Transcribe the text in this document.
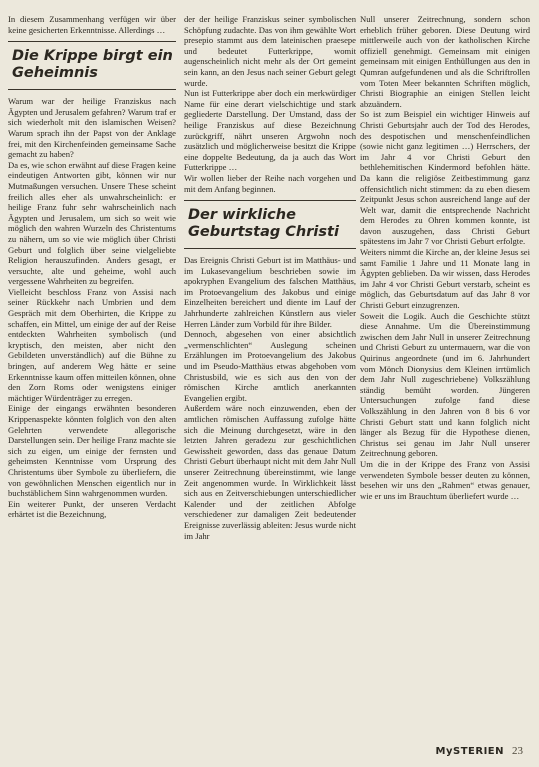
In diesem Zusammenhang verfügen wir über keine gesicherten Erkenntnisse. Allerdings …

Die Krippe birgt ein Geheimnis

Warum war der heilige Franziskus nach Ägypten und Jerusalem gefahren? Warum traf er sich wiederholt mit den islamischen Weisen? Warum sprach ihn der Papst von der Anklage frei, mit den Kirchenfeinden gemeinsame Sache gemacht zu haben?

Da es, wie schon erwähnt auf diese Fragen keine eindeutigen Antworten gibt, können wir nur Mutmaßungen versuchen. Unsere These scheint freilich alles eher als unwahrscheinlich: er heilige Franz fuhr sehr wahrscheinlich nach Ägypten und Jerusalem, um sich so weit wie möglich den wahren Wurzeln des Christentums zu nähern, um so vie wie möglich über Christi Geburt und folglich über seine vielgeliebte Religion herauszufinden. Anders gesagt, er versuchte, alte und geheime, wohl auch vergessene Wahrheiten zu begreifen.

Vielleicht beschloss Franz von Assisi nach seiner Rückkehr nach Umbrien und dem Gespräch mit dem Oberhirten, die Krippe zu schaffen, ein Mittel, um einige der auf der Reise entdeckten Wahrheiten symbolisch (und kryptisch, den meisten, aber nicht den Gebildeten unverständlich) auf die Bühne zu bringen, auf anderem Weg hätte er seine Erkenntnisse kaum offen mitteilen können, ohne den Zorn Roms oder wenigstens einiger mächtiger Würdenträger zu erregen.

Einige der eingangs erwähnten besonderen Krippenaspekte könnten folglich von den alten Gelehrten verwendete allegorische Darstellungen sein. Der heilige Franz machte sie sich zu eigen, um einige der fernsten und geheimsten Kenntnisse vom Ursprung des Christentums über Symbole zu überliefern, die von gewöhnlichen Menschen eigentlich nur in buchstäblichem Sinn wahrgenommen wurden.

Ein weiterer Punkt, der unseren Verdacht erhärtet ist die Bezeichnung,

der der heilige Franziskus seiner symbolischen Schöpfung zudachte. Das von ihm gewählte Wort presepio stammt aus dem lateinischen praesepe und bedeutet Futterkrippe, womit augenscheinlich nicht mehr als der Ort gemeint sein kann, an den Jesus nach seiner Geburt gelegt wurde.

Nun ist Futterkrippe aber doch ein merkwürdiger Name für eine derart vielschichtige und stark gegliederte Darstellung. Der Umstand, dass der heilige Franziskus auf diese Bezeichnung zurückgriff, nährt unseren Argwohn noch zusätzlich und möglicherweise besitzt die Krippe eine doppelte Bedeutung, da ja auch das Wort Futterkrippe …

Wir wollen lieber der Reihe nach vorgehen und mit dem Anfang beginnen.

Der wirkliche Geburtstag Christi

Das Ereignis Christi Geburt ist im Matthäus- und im Lukasevangelium beschrieben sowie im apokryphen Evangelium des falschen Matthäus, im Protoevangelium des Jakobus und einige Einzelheiten bereichert und diente im Lauf der Jahrhunderte zahlreichen Künstlern aus vieler Herren Länder zum Vorbild für ihre Bilder.

Dennoch, abgesehen von einer absichtlich „vermenschlichten“ Auslegung scheinen Erzählungen im Protoevangelium des Jakobus und im Pseudo-Matthäus etwas abgehoben vom Christusbild, wie es sich aus den von der römischen Kirche amtlich anerkannten Evangelien ergibt.

Außerdem wäre noch einzuwenden, eben der amtlichen römischen Auffassung zufolge hätte sich die Meinung durchgesetzt, wäre in den letzten Jahren geradezu zur geschichtlichen Gewissheit geworden, dass das genaue Datum Christi Geburt überhaupt nicht mit dem Jahr Null unserer Zeitrechnung übereinstimmt, wie lange Zeit angenommen wurde. In Wirklichkeit lässt sich aus en Zeitverschiebungen unterschiedlicher Kalender und der zeitlichen Abfolge verschiedener zur damaligen Zeit bedeutender Ereignisse zuverlässig ableiten: Jesus wurde nicht im Jahr

Null unserer Zeitrechnung, sondern schon erheblich früher geboren. Diese Deutung wird mittlerweile auch von der katholischen Kirche offiziell genehmigt. Gemeinsam mit einigen gemeinsam mit einigen Enthüllungen aus den in Qumran aufgefundenen und als die Schriftrollen vom Toten Meer bekannten Schriften möglich, Christi Biographie an einigen Stellen leicht abzuändern.

So ist zum Beispiel ein wichtiger Hinweis auf Christi Geburtsjahr auch der Tod des Herodes, des despotischen und menschenfeindlichen (sowie nicht ganz legitimen …) Herrschers, der im Jahr 4 vor Christi Geburt den bethlehemitischen Kindermord befohlen hätte. Da kann die religiöse Zeitbestimmung ganz offensichtlich nicht stimmen: da zu eben diesem Zeitpunkt Jesus schon ausreichend lange auf der Welt war, damit die entsprechende Nachricht dem Herodes zu Ohren kommen konnte, ist davon auszugehen, dass Christi Geburt spätestens im Jahr 7 vor Christi Geburt erfolgte.

Weiters nimmt die Kirche an, der kleine Jesus sei samt Familie 1 Jahre und 11 Monate lang in Ägypten geblieben. Da wir wissen, dass Herodes im Jahr 4 vor Christi Geburt verstarb, scheint es möglich, das Geburtsdatum auf das Jahr 8 vor Christi Geburt einzugrenzen.

Soweit die Logik. Auch die Geschichte stützt diese Annahme. Um die Übereinstimmung zwischen dem Jahr Null in unserer Zeitrechnung und Christi Geburt zu untermauern, war die von Quirinus angeordnete (und im 6. Jahrhundert vom Mönch Dionysius dem Kleinen irrtümlich dem Jahr Null zugeschriebene) Volkszählung ständig bemüht worden. Jüngeren Untersuchungen zufolge fand diese Volkszählung in den Jahren von 8 bis 6 vor Christi Geburt statt und kann folglich nicht länger als Bezug für die Hypothese dienen, Christus sei genau im Jahr Null unserer Zeitrechnung geboren.

Um die in der Krippe des Franz von Assisi verwendeten Symbole besser deuten zu können, besehen wir uns den „Rahmen“ etwas genauer, wie er uns im Brauchtum überliefert wurde …

MySTERIEN 23
